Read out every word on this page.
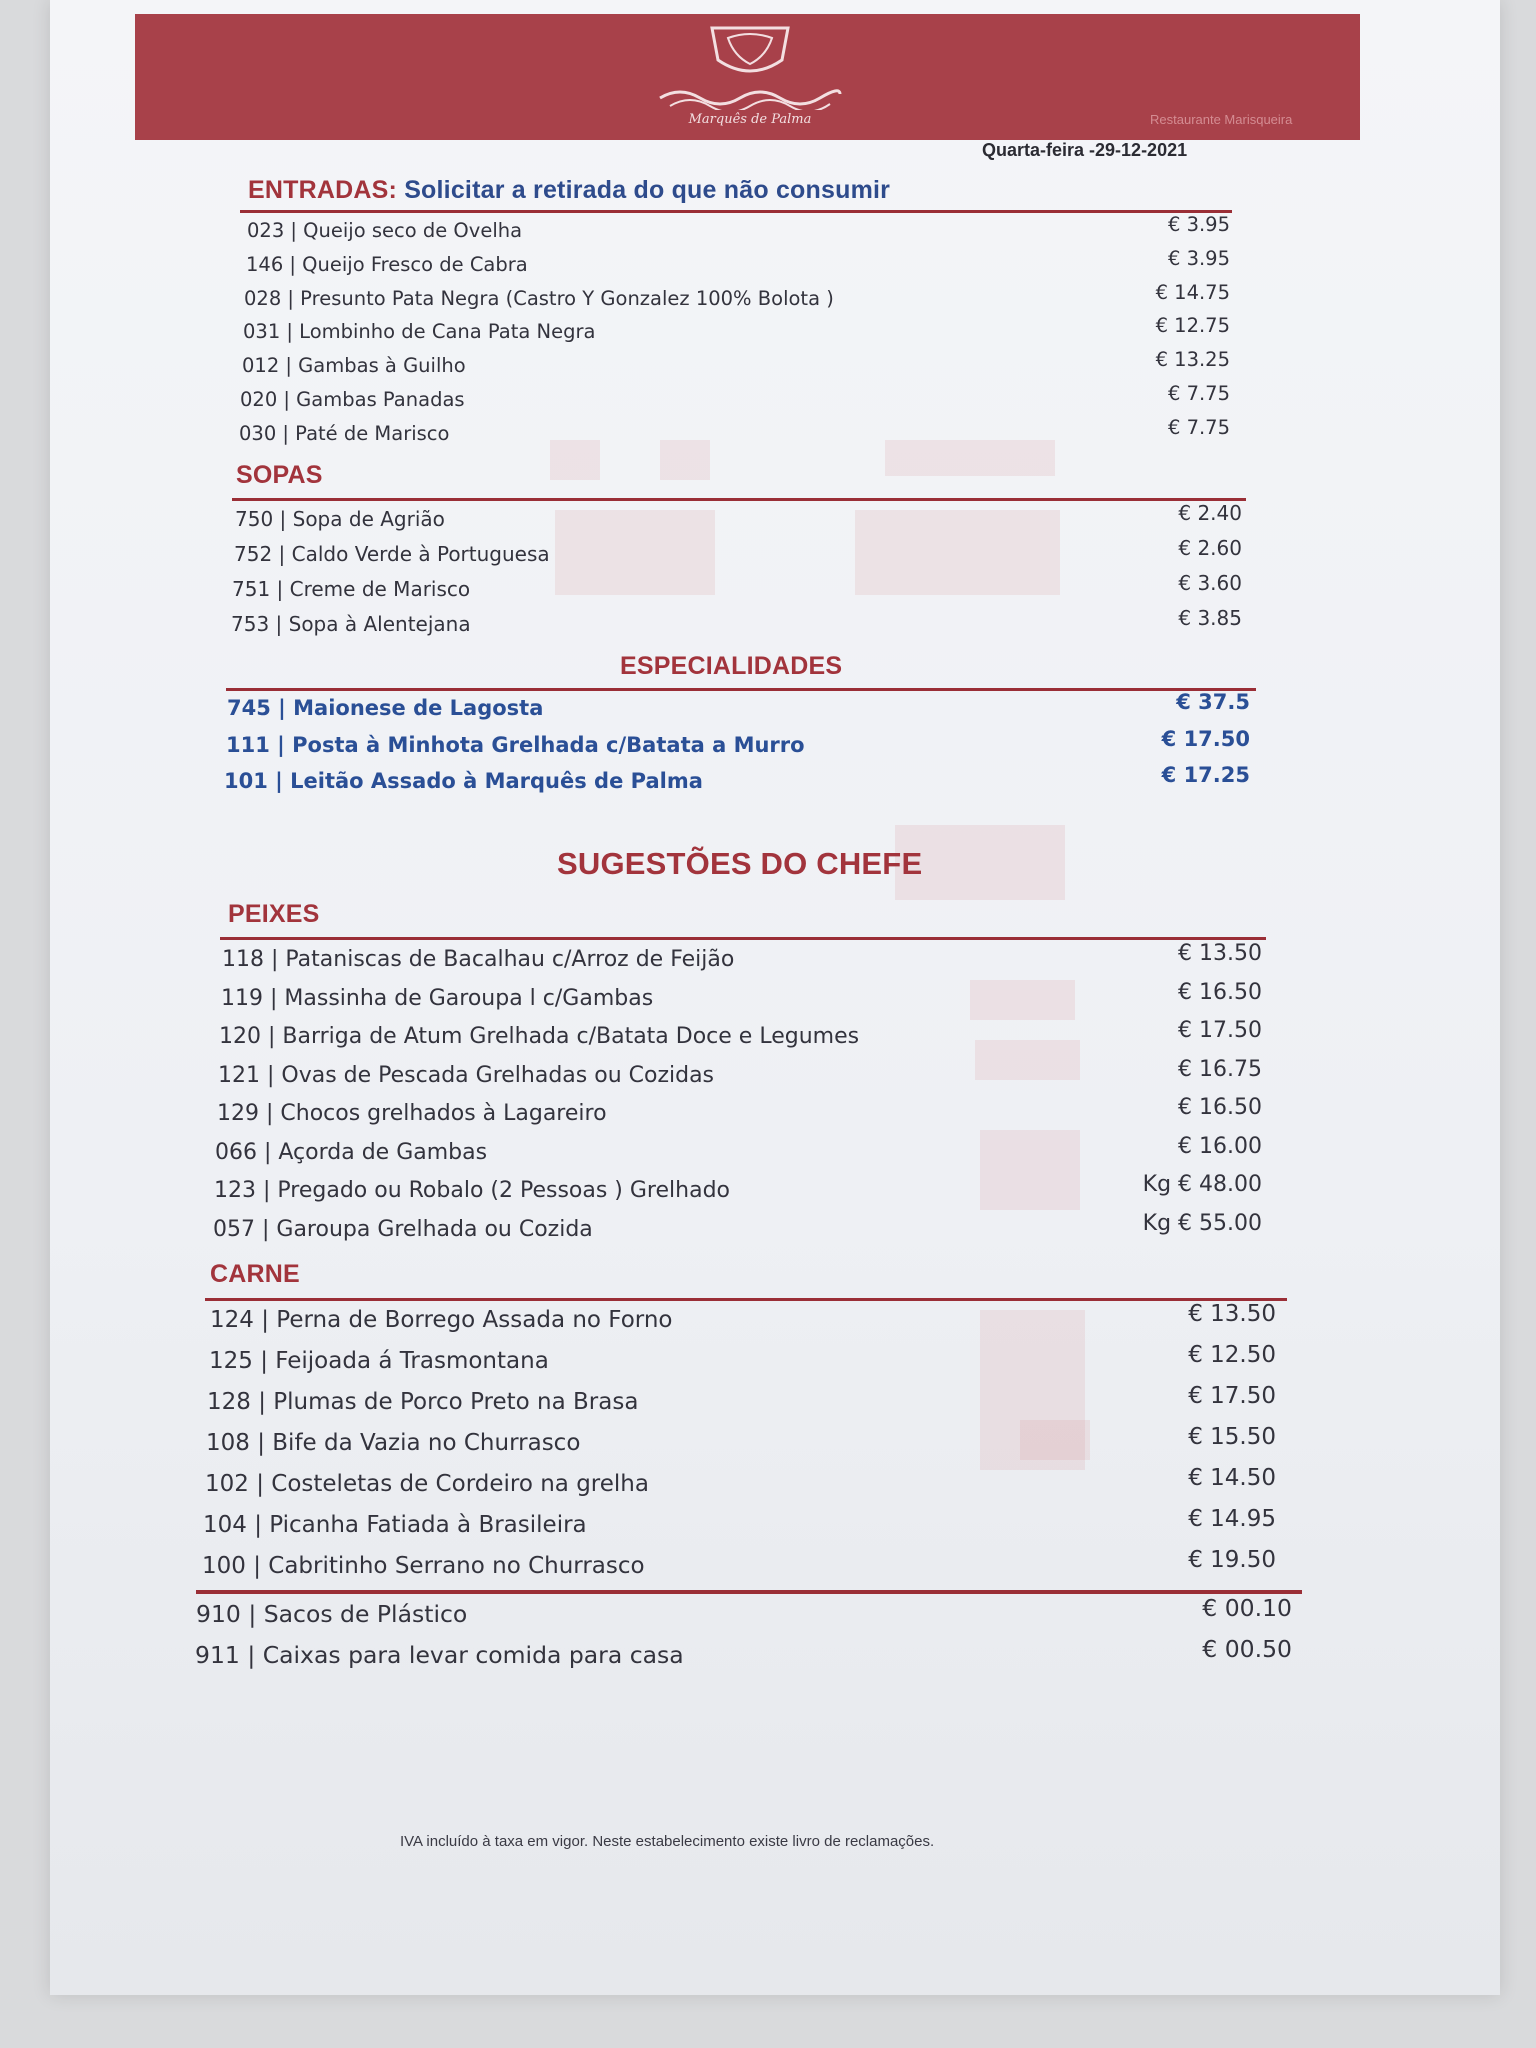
Marquês de Palma	Restaurante Marisqueira
Quarta-feira -29-12-2021
ENTRADAS: Solicitar a retirada do que não consumir
023 | Queijo seco de Ovelha	€ 3.95
146 | Queijo Fresco de Cabra	€ 3.95
028 | Presunto Pata Negra (Castro Y Gonzalez 100% Bolota )	€ 14.75
031 | Lombinho de Cana Pata Negra	€ 12.75
012 | Gambas à Guilho	€ 13.25
020 | Gambas Panadas	€ 7.75
030 | Paté de Marisco	€ 7.75
SOPAS
750 | Sopa de Agrião	€ 2.40
752 | Caldo Verde à Portuguesa	€ 2.60
751 | Creme de Marisco	€ 3.60
753 | Sopa à Alentejana	€ 3.85
ESPECIALIDADES
745 | Maionese de Lagosta	€ 37.5
111 | Posta à Minhota Grelhada c/Batata a Murro	€ 17.50
101 | Leitão Assado à Marquês de Palma	€ 17.25
SUGESTÕES DO CHEFE
PEIXES
118 | Pataniscas de Bacalhau c/Arroz de Feijão	€ 13.50
119 | Massinha de Garoupa l c/Gambas	€ 16.50
120 | Barriga de Atum Grelhada c/Batata Doce e Legumes	€ 17.50
121 | Ovas de Pescada Grelhadas ou Cozidas	€ 16.75
129 | Chocos grelhados à Lagareiro	€ 16.50
066 | Açorda de Gambas	€ 16.00
123 | Pregado ou Robalo (2 Pessoas ) Grelhado	Kg € 48.00
057 | Garoupa Grelhada ou Cozida	Kg € 55.00
CARNE
124 | Perna de Borrego Assada no Forno	€ 13.50
125 | Feijoada á Trasmontana	€ 12.50
128 | Plumas de Porco Preto na Brasa	€ 17.50
108 | Bife da Vazia no Churrasco	€ 15.50
102 | Costeletas de Cordeiro na grelha	€ 14.50
104 | Picanha Fatiada à Brasileira	€ 14.95
100 | Cabritinho Serrano no Churrasco	€ 19.50
910 | Sacos de Plástico	€ 00.10
911 | Caixas para levar comida para casa	€ 00.50
IVA incluído à taxa em vigor. Neste estabelecimento existe livro de reclamações.
